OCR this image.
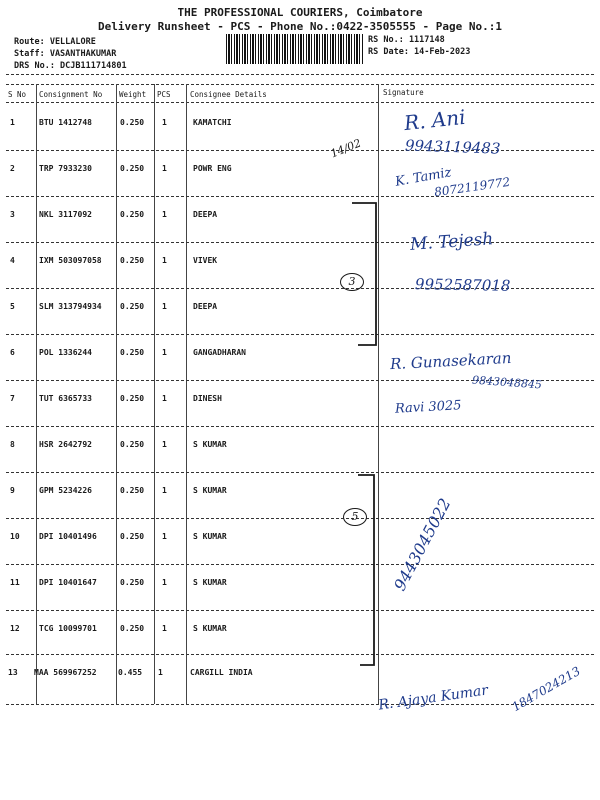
THE PROFESSIONAL COURIERS, Coimbatore
Delivery Runsheet - PCS - Phone No.:0422-3505555 - Page No.:1
Route: VELLALORE
Staff: VASANTHAKUMAR
DRS No.: DCJB111714801
RS No.: 1117148
RS Date: 14-Feb-2023
S No Consignment No Weight PCS	Consignee Details	Signature
1	BTU 1412748	0.250 1	KAMATCHI
2	TRP 7933230	0.250 1	POWR ENG
3	NKL 3117092	0.250 1	DEEPA
4	IXM 503097058 0.250 1	VIVEK
5	SLM 313794934 0.250 1	DEEPA
6	POL 1336244	0.250 1	GANGADHARAN
7	TUT 6365733	0.250 1	DINESH
8	HSR 2642792	0.250 1	S KUMAR
9	GPM 5234226	0.250 1	S KUMAR
10 DPI 10401496	0.250 1	S KUMAR
11 DPI 10401647	0.250 1	S KUMAR
12 TCG 10099701	0.250 1	S KUMAR
13 MAA 569967252	0.455 1	CARGILL INDIA
3
5
R. Ani
9943119483
14/02
K. Tamiz
8072119772
M. Tejesh
9952587018
R. Gunasekaran
9843048845
Ravi 3025
9443045022
R. Ajaya Kumar 1847024213
